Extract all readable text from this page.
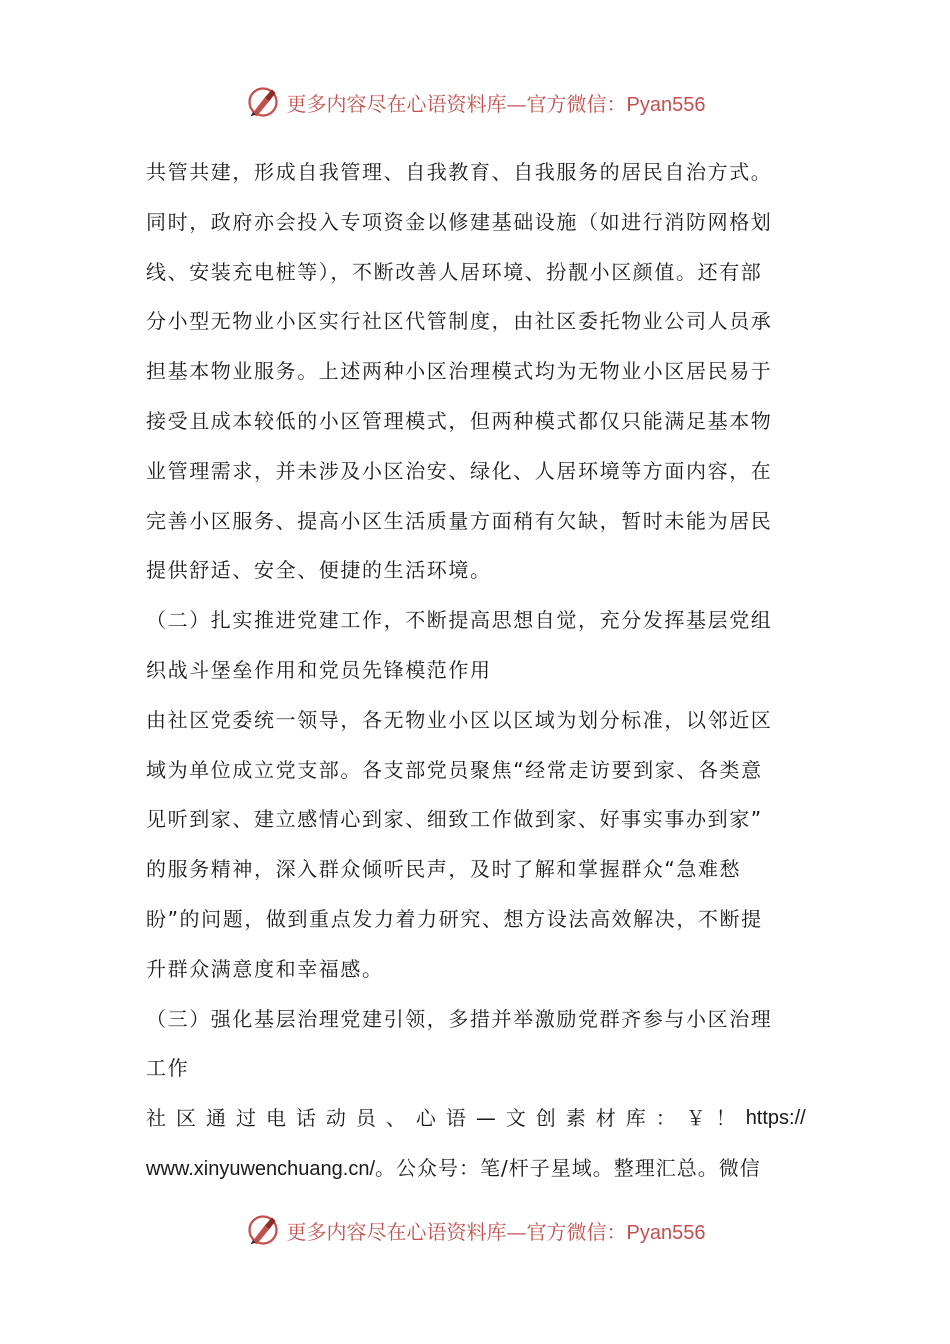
更多内容尽在心语资料库—官方微信：Pyan556
共管共建，形成自我管理、自我教育、自我服务的居民自治方式。
同时，政府亦会投入专项资金以修建基础设施（如进行消防网格划
线、安装充电桩等），不断改善人居环境、扮靓小区颜值。还有部
分小型无物业小区实行社区代管制度，由社区委托物业公司人员承
担基本物业服务。上述两种小区治理模式均为无物业小区居民易于
接受且成本较低的小区管理模式，但两种模式都仅只能满足基本物
业管理需求，并未涉及小区治安、绿化、人居环境等方面内容，在
完善小区服务、提高小区生活质量方面稍有欠缺，暂时未能为居民
提供舒适、安全、便捷的生活环境。
（二）扎实推进党建工作，不断提高思想自觉，充分发挥基层党组
织战斗堡垒作用和党员先锋模范作用
由社区党委统一领导，各无物业小区以区域为划分标准，以邻近区
域为单位成立党支部。各支部党员聚焦“经常走访要到家、各类意
见听到家、建立感情心到家、细致工作做到家、好事实事办到家”
的服务精神，深入群众倾听民声，及时了解和掌握群众“急难愁
盼”的问题，做到重点发力着力研究、想方设法高效解决，不断提
升群众满意度和幸福感。
（三）强化基层治理党建引领，多措并举激励党群齐参与小区治理
工作
社 区 通 过 电 话 动 员 、 心 语 — 文 创 素 材 库 ： ￥ ！ https://
www.xinyuwenchuang.cn/。公众号：笔/杆子星域。整理汇总。微信
更多内容尽在心语资料库—官方微信：Pyan556
